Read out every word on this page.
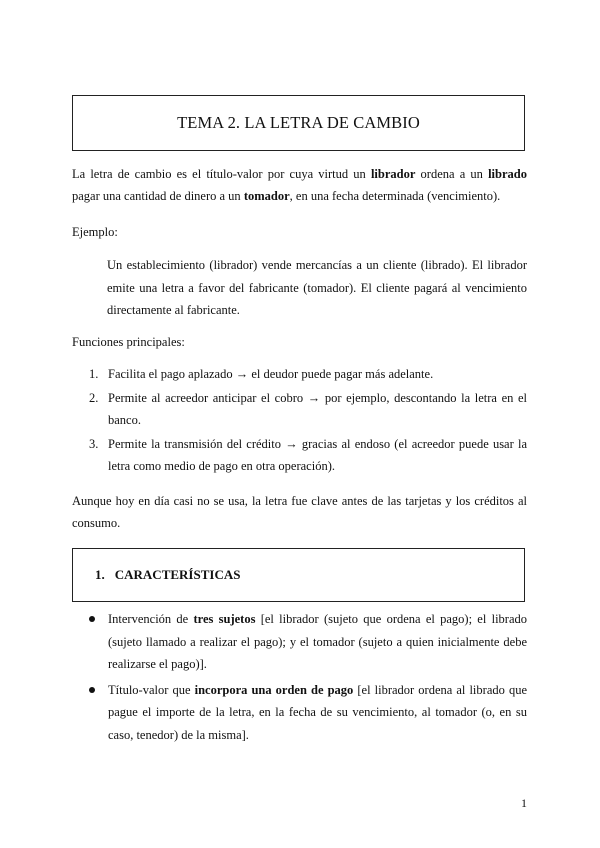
TEMA 2. LA LETRA DE CAMBIO

La letra de cambio es el título-valor por cuya virtud un librador ordena a un librado pagar una cantidad de dinero a un tomador, en una fecha determinada (vencimiento).

Ejemplo:

Un establecimiento (librador) vende mercancías a un cliente (librado). El librador emite una letra a favor del fabricante (tomador). El cliente pagará al vencimiento directamente al fabricante.

Funciones principales:

1. Facilita el pago aplazado → el deudor puede pagar más adelante.
2. Permite al acreedor anticipar el cobro → por ejemplo, descontando la letra en el banco.
3. Permite la transmisión del crédito → gracias al endoso (el acreedor puede usar la letra como medio de pago en otra operación).

Aunque hoy en día casi no se usa, la letra fue clave antes de las tarjetas y los créditos al consumo.

1. CARACTERÍSTICAS
Intervención de tres sujetos [el librador (sujeto que ordena el pago); el librado (sujeto llamado a realizar el pago); y el tomador (sujeto a quien inicialmente debe realizarse el pago)].
Título-valor que incorpora una orden de pago [el librador ordena al librado que pague el importe de la letra, en la fecha de su vencimiento, al tomador (o, en su caso, tenedor) de la misma].
1
